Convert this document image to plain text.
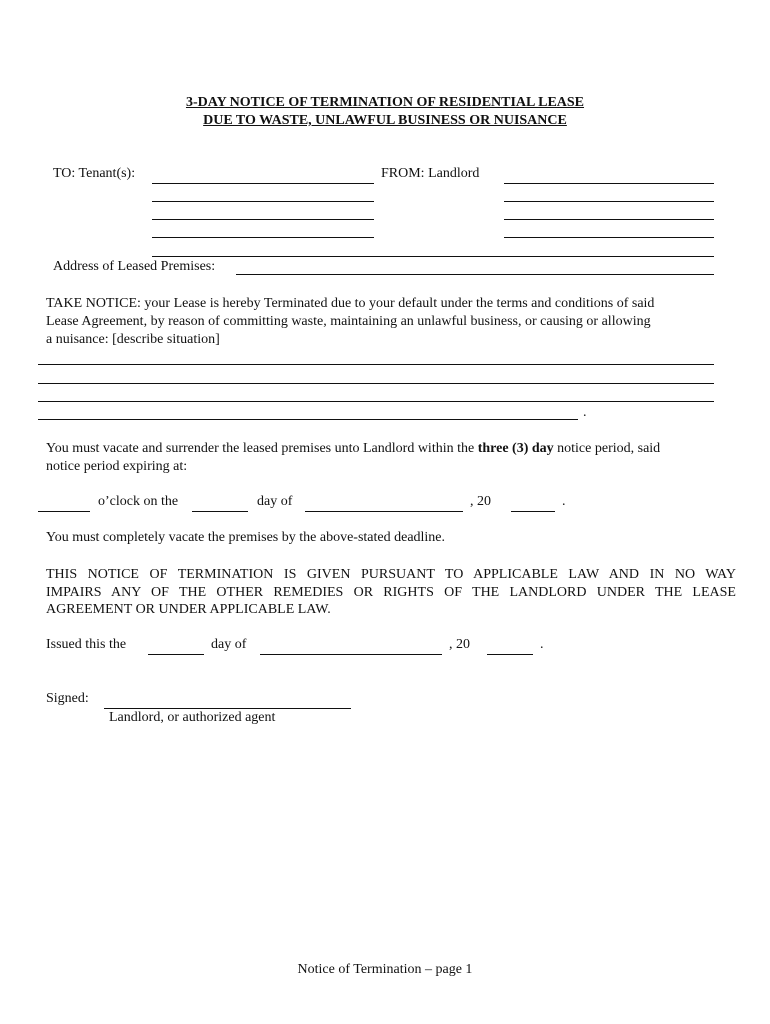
3-DAY NOTICE OF TERMINATION OF RESIDENTIAL LEASE
DUE TO WASTE, UNLAWFUL BUSINESS OR NUISANCE
TO: Tenant(s):	FROM: Landlord
Address of Leased Premises:
TAKE NOTICE: your Lease is hereby Terminated due to your default under the terms and conditions of said
Lease Agreement, by reason of committing waste, maintaining an unlawful business, or causing or allowing
a nuisance: [describe situation]
.
You must vacate and surrender the leased premises unto Landlord within the three (3) day notice period, said
notice period expiring at:
o’clock on the	day of	, 20	.
You must completely vacate the premises by the above-stated deadline.
THIS NOTICE OF TERMINATION IS GIVEN PURSUANT TO APPLICABLE LAW AND IN NO WAY
IMPAIRS ANY OF THE OTHER REMEDIES OR RIGHTS OF THE LANDLORD UNDER THE LEASE
AGREEMENT OR UNDER APPLICABLE LAW.
Issued this the	day of	, 20	.
Signed:
Landlord, or authorized agent
Notice of Termination – page 1
